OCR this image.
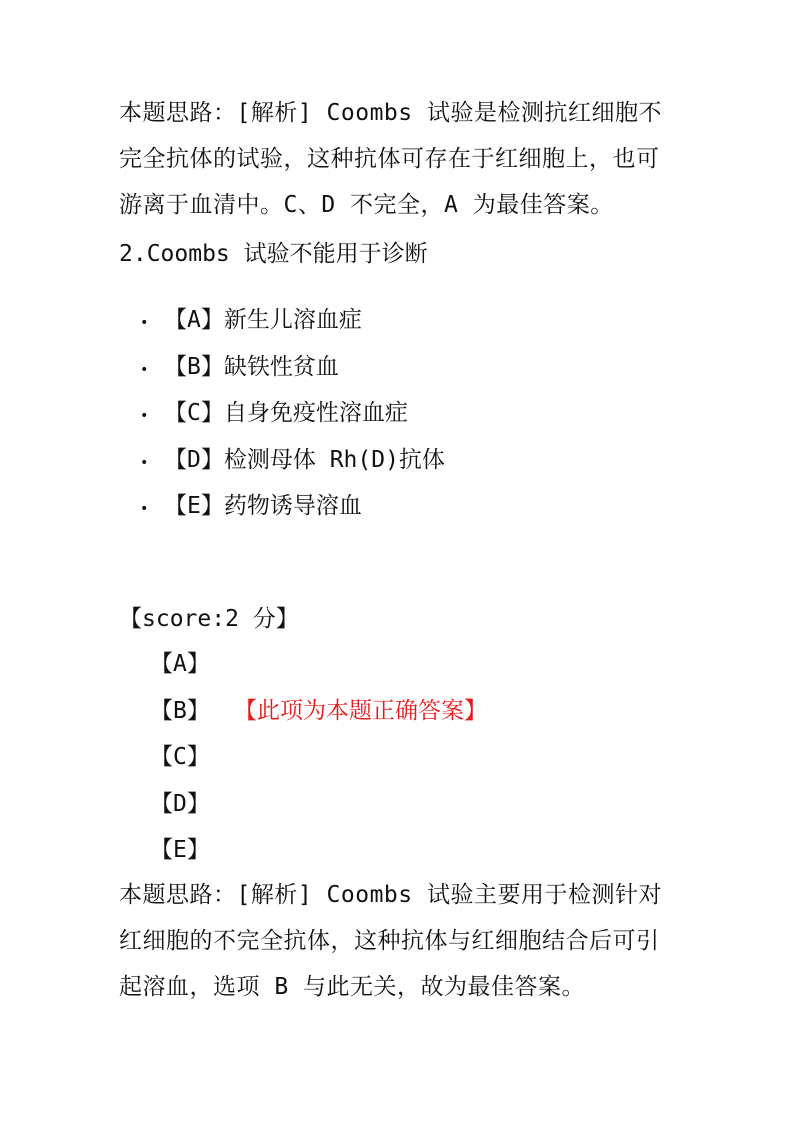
本题思路：[解析] Coombs 试验是检测抗红细胞不完全抗体的试验，这种抗体可存在于红细胞上，也可游离于血清中。C、D 不完全，A 为最佳答案。

2.Coombs 试验不能用于诊断

• 【A】新生儿溶血症
• 【B】缺铁性贫血
• 【C】自身免疫性溶血症
• 【D】检测母体 Rh(D)抗体
• 【E】药物诱导溶血

【score:2 分】

【A】
【B】	【此项为本题正确答案】
【C】
【D】
【E】

本题思路：[解析] Coombs 试验主要用于检测针对红细胞的不完全抗体，这种抗体与红细胞结合后可引起溶血，选项 B 与此无关，故为最佳答案。
